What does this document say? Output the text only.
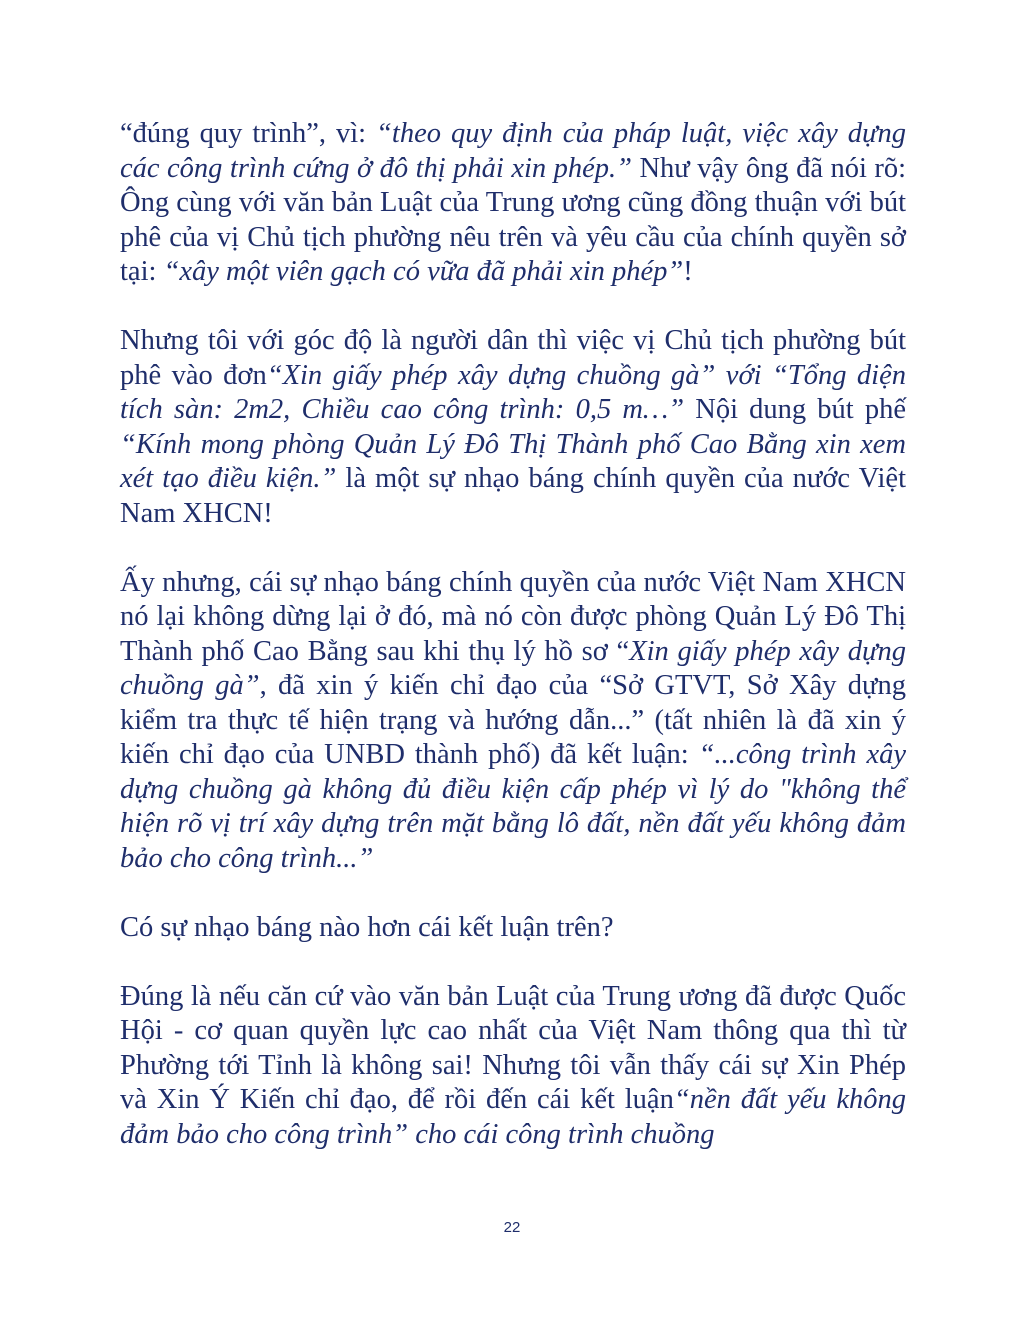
“đúng quy trình”, vì: “theo quy định của pháp luật, việc xây dựng các công trình cứng ở đô thị phải xin phép.” Như vậy ông đã nói rõ: Ông cùng với văn bản Luật của Trung ương cũng đồng thuận với bút phê của vị Chủ tịch phường nêu trên và yêu cầu của chính quyền sở tại: “xây một viên gạch có vữa đã phải xin phép”!

Nhưng tôi với góc độ là người dân thì việc vị Chủ tịch phường bút phê vào đơn“Xin giấy phép xây dựng chuồng gà” với “Tổng diện tích sàn: 2m2, Chiều cao công trình: 0,5 m…” Nội dung bút phế “Kính mong phòng Quản Lý Đô Thị Thành phố Cao Bằng xin xem xét tạo điều kiện.” là một sự nhạo báng chính quyền của nước Việt Nam XHCN!

Ấy nhưng, cái sự nhạo báng chính quyền của nước Việt Nam XHCN nó lại không dừng lại ở đó, mà nó còn được phòng Quản Lý Đô Thị Thành phố Cao Bằng sau khi thụ lý hồ sơ “Xin giấy phép xây dựng chuồng gà”, đã xin ý kiến chỉ đạo của “Sở GTVT, Sở Xây dựng kiểm tra thực tế hiện trạng và hướng dẫn...” (tất nhiên là đã xin ý kiến chỉ đạo của UNBD thành phố) đã kết luận: “...công trình xây dựng chuồng gà không đủ điều kiện cấp phép vì lý do "không thể hiện rõ vị trí xây dựng trên mặt bằng lô đất, nền đất yếu không đảm bảo cho công trình...”

Có sự nhạo báng nào hơn cái kết luận trên?

Đúng là nếu căn cứ vào văn bản Luật của Trung ương đã được Quốc Hội - cơ quan quyền lực cao nhất của Việt Nam thông qua thì từ Phường tới Tỉnh là không sai! Nhưng tôi vẫn thấy cái sự Xin Phép và Xin Ý Kiến chỉ đạo, để rồi đến cái kết luận“nền đất yếu không đảm bảo cho công trình” cho cái công trình chuồng

22
